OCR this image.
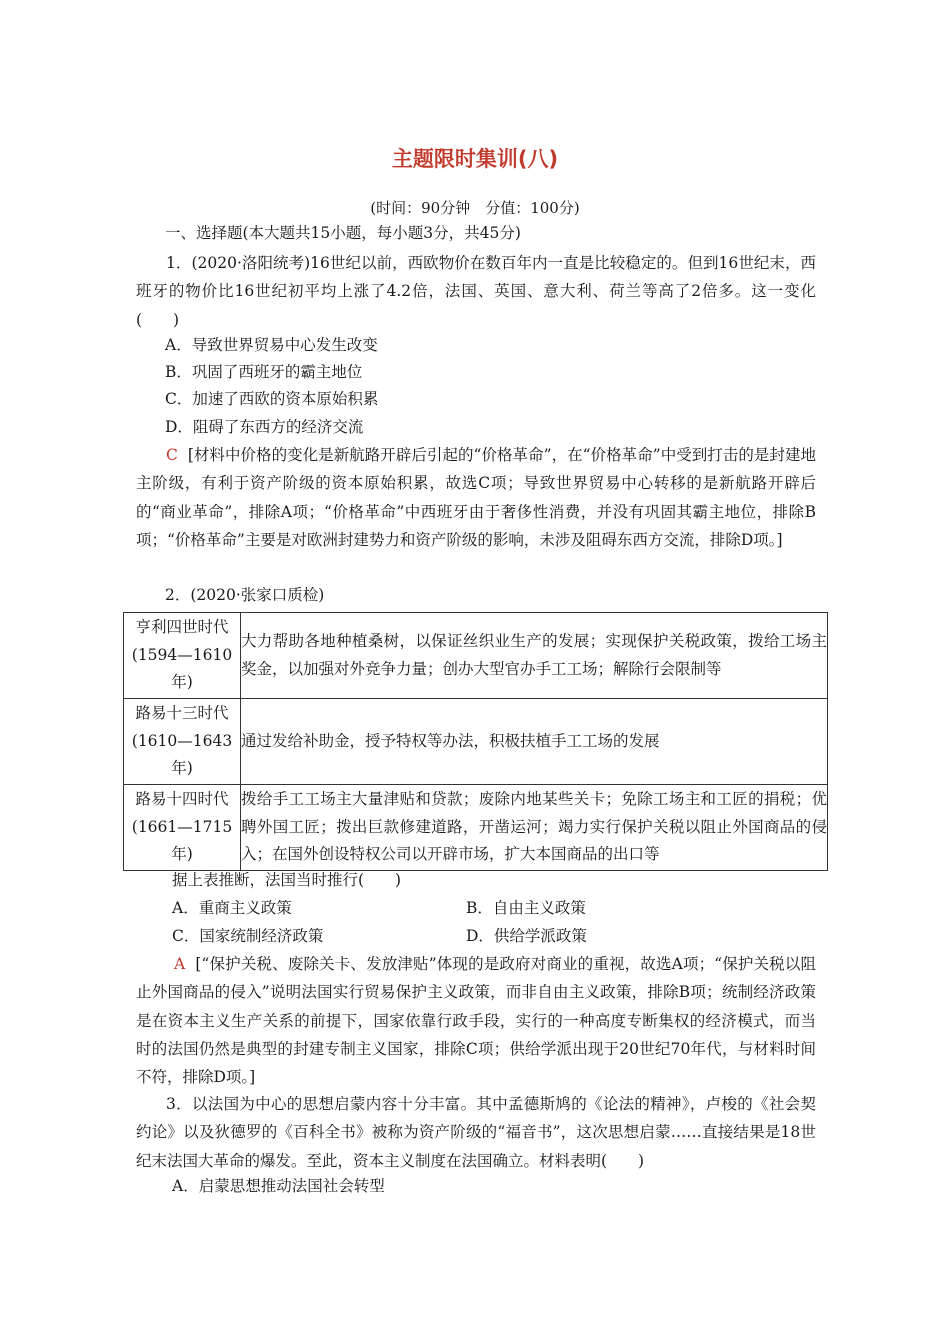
主题限时集训(八)
(时间：90分钟　分值：100分)
一、选择题(本大题共15小题，每小题3分，共45分)
1．(2020·洛阳统考)16世纪以前，西欧物价在数百年内一直是比较稳定的。但到16世纪末，西班牙的物价比16世纪初平均上涨了4.2倍，法国、英国、意大利、荷兰等高了2倍多。这一变化(　　)
A．导致世界贸易中心发生改变
B．巩固了西班牙的霸主地位
C．加速了西欧的资本原始积累
D．阻碍了东西方的经济交流
C [材料中价格的变化是新航路开辟后引起的“价格革命”，在“价格革命”中受到打击的是封建地主阶级，有利于资产阶级的资本原始积累，故选C项；导致世界贸易中心转移的是新航路开辟后的“商业革命”，排除A项；“价格革命”中西班牙由于奢侈性消费，并没有巩固其霸主地位，排除B项；“价格革命”主要是对欧洲封建势力和资产阶级的影响，未涉及阻碍东西方交流，排除D项。]
2．(2020·张家口质检)
亨利四世时代
(1594—1610
年)	大力帮助各地种植桑树，以保证丝织业生产的发展；实现保护关税政策，拨给工场主奖金，以加强对外竞争力量；创办大型官办手工工场；解除行会限制等

路易十三时代
(1610—1643
年)	通过发给补助金，授予特权等办法，积极扶植手工工场的发展

路易十四时代
(1661—1715
年)	拨给手工工场主大量津贴和贷款；废除内地某些关卡；免除工场主和工匠的捐税；优聘外国工匠；拨出巨款修建道路，开凿运河；竭力实行保护关税以阻止外国商品的侵入；在国外创设特权公司以开辟市场，扩大本国商品的出口等
据上表推断，法国当时推行(　　)
A．重商主义政策	B．自由主义政策
C．国家统制经济政策	D．供给学派政策
A [“保护关税、废除关卡、发放津贴”体现的是政府对商业的重视，故选A项；“保护关税以阻止外国商品的侵入”说明法国实行贸易保护主义政策，而非自由主义政策，排除B项；统制经济政策是在资本主义生产关系的前提下，国家依靠行政手段，实行的一种高度专断集权的经济模式，而当时的法国仍然是典型的封建专制主义国家，排除C项；供给学派出现于20世纪70年代，与材料时间不符，排除D项。]
3．以法国为中心的思想启蒙内容十分丰富。其中孟德斯鸠的《论法的精神》，卢梭的《社会契约论》以及狄德罗的《百科全书》被称为资产阶级的“福音书”，这次思想启蒙……直接结果是18世纪末法国大革命的爆发。至此，资本主义制度在法国确立。材料表明(　　)
A．启蒙思想推动法国社会转型
